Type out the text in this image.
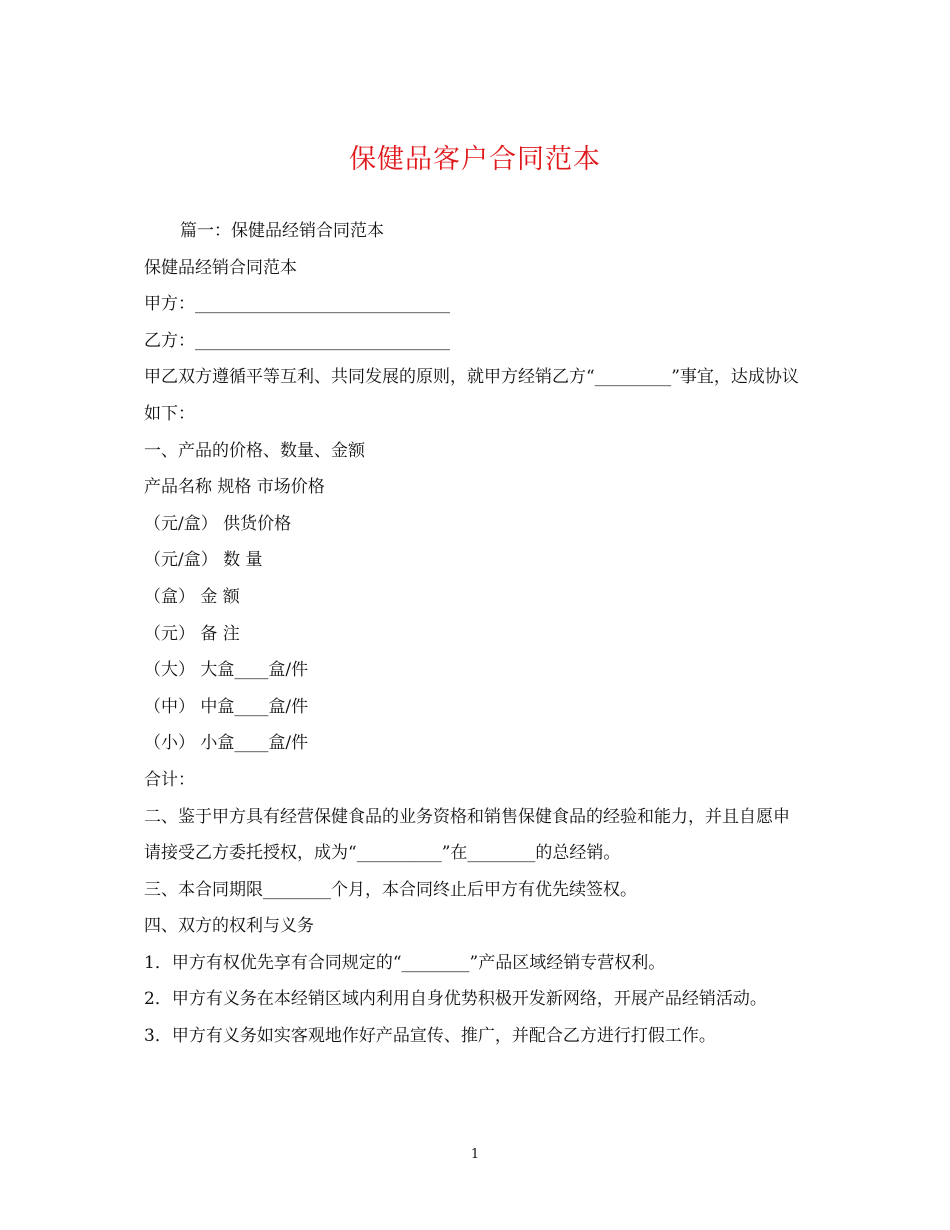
保健品客户合同范本

篇一：保健品经销合同范本

保健品经销合同范本

甲方：______________________________

乙方：______________________________

甲乙双方遵循平等互利、共同发展的原则，就甲方经销乙方“_________”事宜，达成协议如下：

一、产品的价格、数量、金额

产品名称 规格 市场价格

（元/盒） 供货价格

（元/盒） 数 量

（盒） 金 额

（元） 备 注

（大） 大盒____盒/件

（中） 中盒____盒/件

（小） 小盒____盒/件

合计：

二、鉴于甲方具有经营保健食品的业务资格和销售保健食品的经验和能力，并且自愿申请接受乙方委托授权，成为“__________”在________的总经销。

三、本合同期限________个月，本合同终止后甲方有优先续签权。

四、双方的权利与义务

1．甲方有权优先享有合同规定的“________”产品区域经销专营权利。

2．甲方有义务在本经销区域内利用自身优势积极开发新网络，开展产品经销活动。

3．甲方有义务如实客观地作好产品宣传、推广，并配合乙方进行打假工作。

1
